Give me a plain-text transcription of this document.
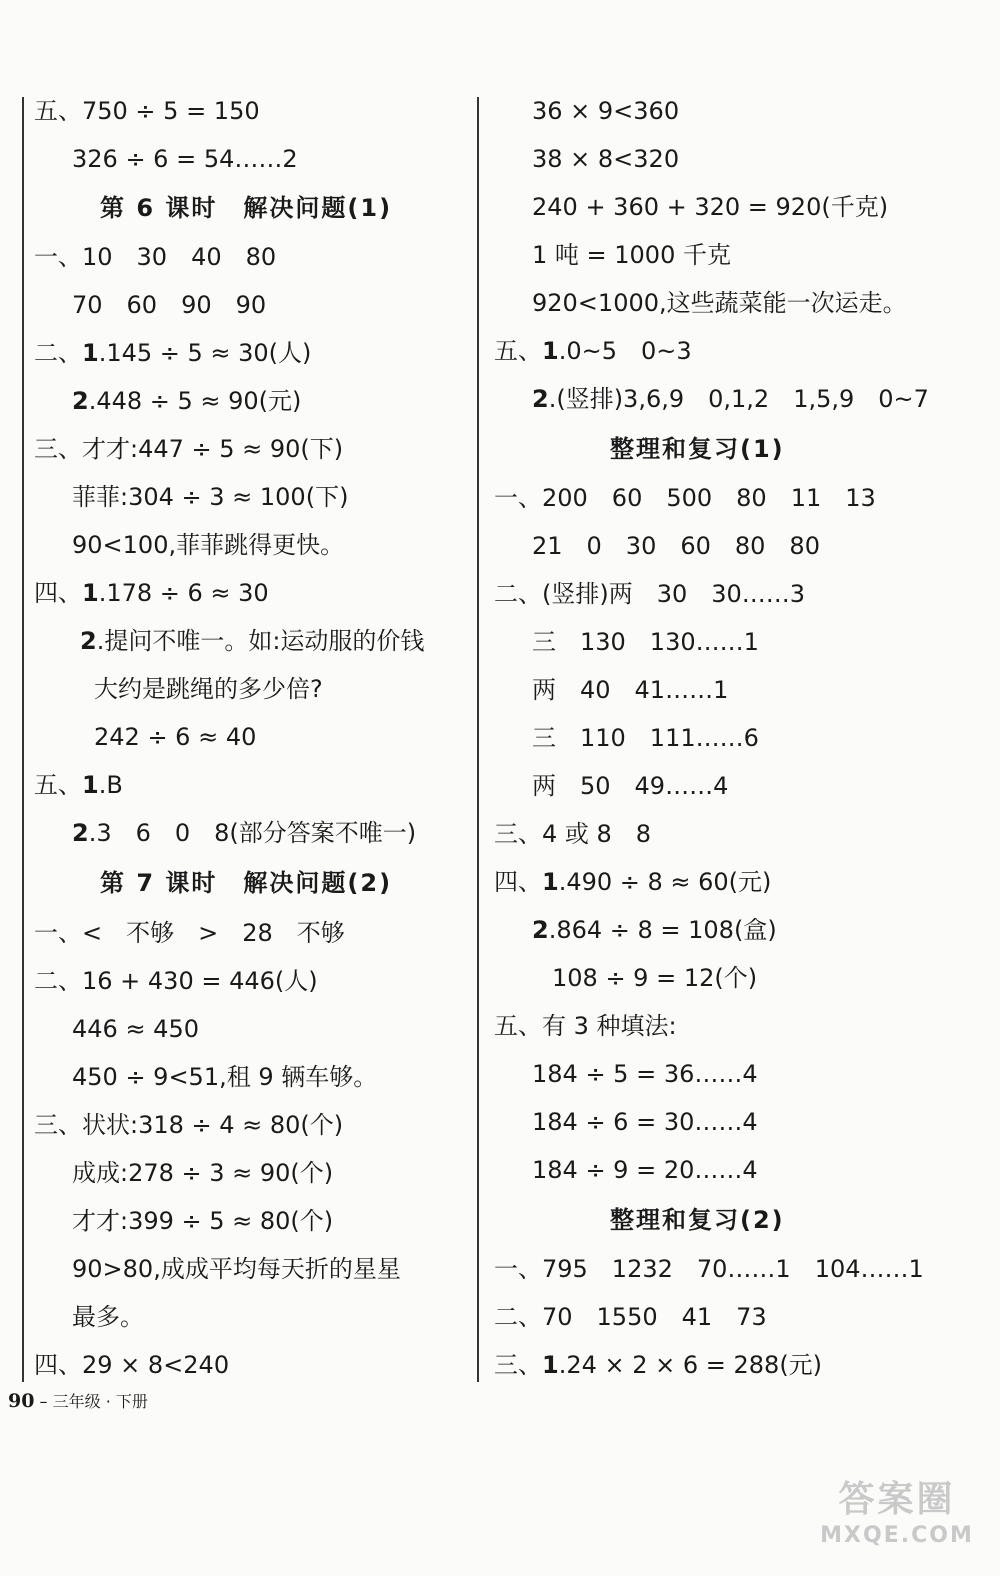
五、750 ÷ 5 = 150
326 ÷ 6 = 54……2
第 6 课时　解决问题(1)
一、10　30　40　80
70　60　90　90
二、1.145 ÷ 5 ≈ 30(人)
2.448 ÷ 5 ≈ 90(元)
三、才才:447 ÷ 5 ≈ 90(下)
菲菲:304 ÷ 3 ≈ 100(下)
90<100,菲菲跳得更快。
四、1.178 ÷ 6 ≈ 30
2.提问不唯一。如:运动服的价钱
大约是跳绳的多少倍?
242 ÷ 6 ≈ 40
五、1.B
2.3　6　0　8(部分答案不唯一)
第 7 课时　解决问题(2)
一、<　不够　>　28　不够
二、16 + 430 = 446(人)
446 ≈ 450
450 ÷ 9<51,租 9 辆车够。
三、状状:318 ÷ 4 ≈ 80(个)
成成:278 ÷ 3 ≈ 90(个)
才才:399 ÷ 5 ≈ 80(个)
90>80,成成平均每天折的星星
最多。
四、29 × 8<240
36 × 9<360
38 × 8<320
240 + 360 + 320 = 920(千克)
1 吨 = 1000 千克
920<1000,这些蔬菜能一次运走。
五、1.0~5　0~3
2.(竖排)3,6,9　0,1,2　1,5,9　0~7
整理和复习(1)
一、200　60　500　80　11　13
21　0　30　60　80　80
二、(竖排)两　30　30……3
三　130　130……1
两　40　41……1
三　110　111……6
两　50　49……4
三、4 或 8　8
四、1.490 ÷ 8 ≈ 60(元)
2.864 ÷ 8 = 108(盒)
108 ÷ 9 = 12(个)
五、有 3 种填法:
184 ÷ 5 = 36……4
184 ÷ 6 = 30……4
184 ÷ 9 = 20……4
整理和复习(2)
一、795　1232　70……1　104……1
二、70　1550　41　73
三、1.24 × 2 × 6 = 288(元)
90 – 三年级 · 下册
答案圈
MXQE.COM
